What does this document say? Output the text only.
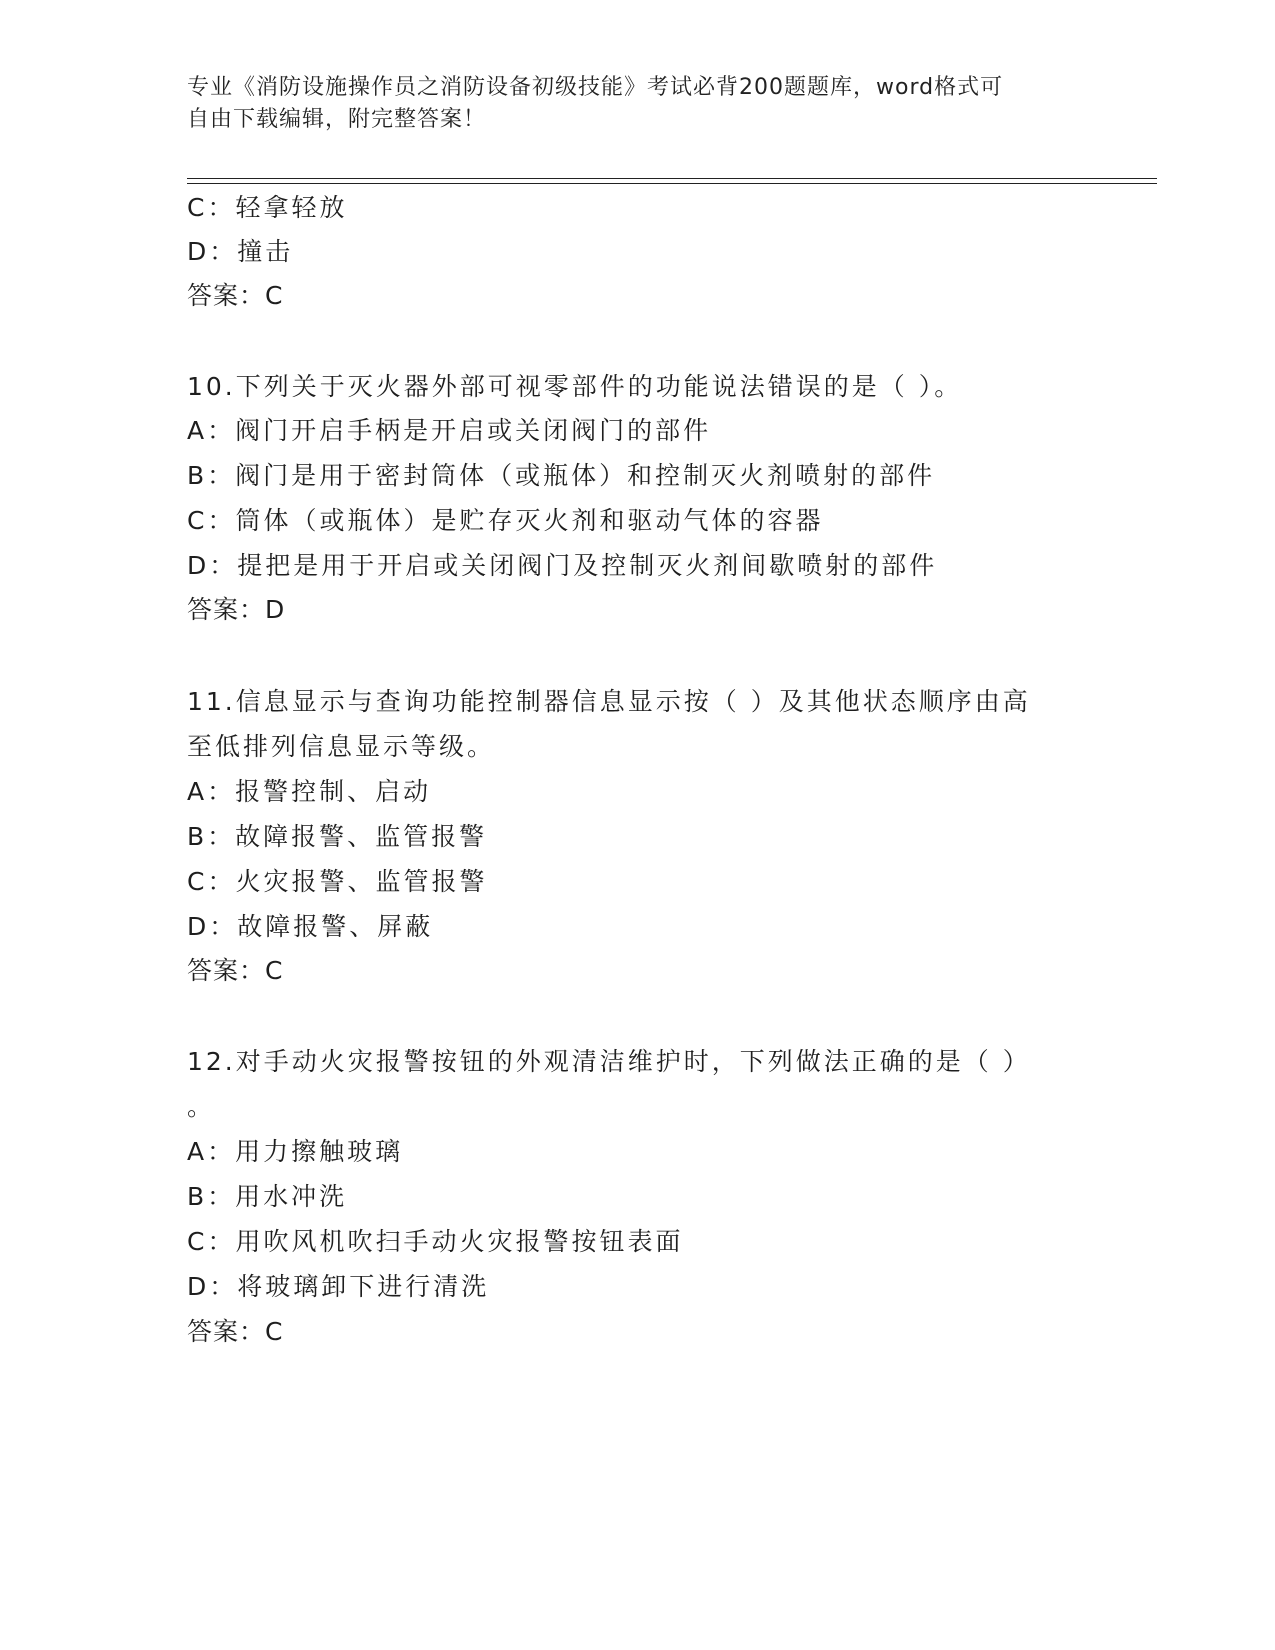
专业《消防设施操作员之消防设备初级技能》考试必背200题题库，word格式可
自由下载编辑，附完整答案！
C：轻拿轻放
D：撞击
答案：C
10.下列关于灭火器外部可视零部件的功能说法错误的是（ ）。
A：阀门开启手柄是开启或关闭阀门的部件
B：阀门是用于密封筒体（或瓶体）和控制灭火剂喷射的部件
C：筒体（或瓶体）是贮存灭火剂和驱动气体的容器
D：提把是用于开启或关闭阀门及控制灭火剂间歇喷射的部件
答案：D
11.信息显示与查询功能控制器信息显示按（ ）及其他状态顺序由高
至低排列信息显示等级。
A：报警控制、启动
B：故障报警、监管报警
C：火灾报警、监管报警
D：故障报警、屏蔽
答案：C
12.对手动火灾报警按钮的外观清洁维护时，下列做法正确的是（ ）
。
A：用力擦触玻璃
B：用水冲洗
C：用吹风机吹扫手动火灾报警按钮表面
D：将玻璃卸下进行清洗
答案：C
